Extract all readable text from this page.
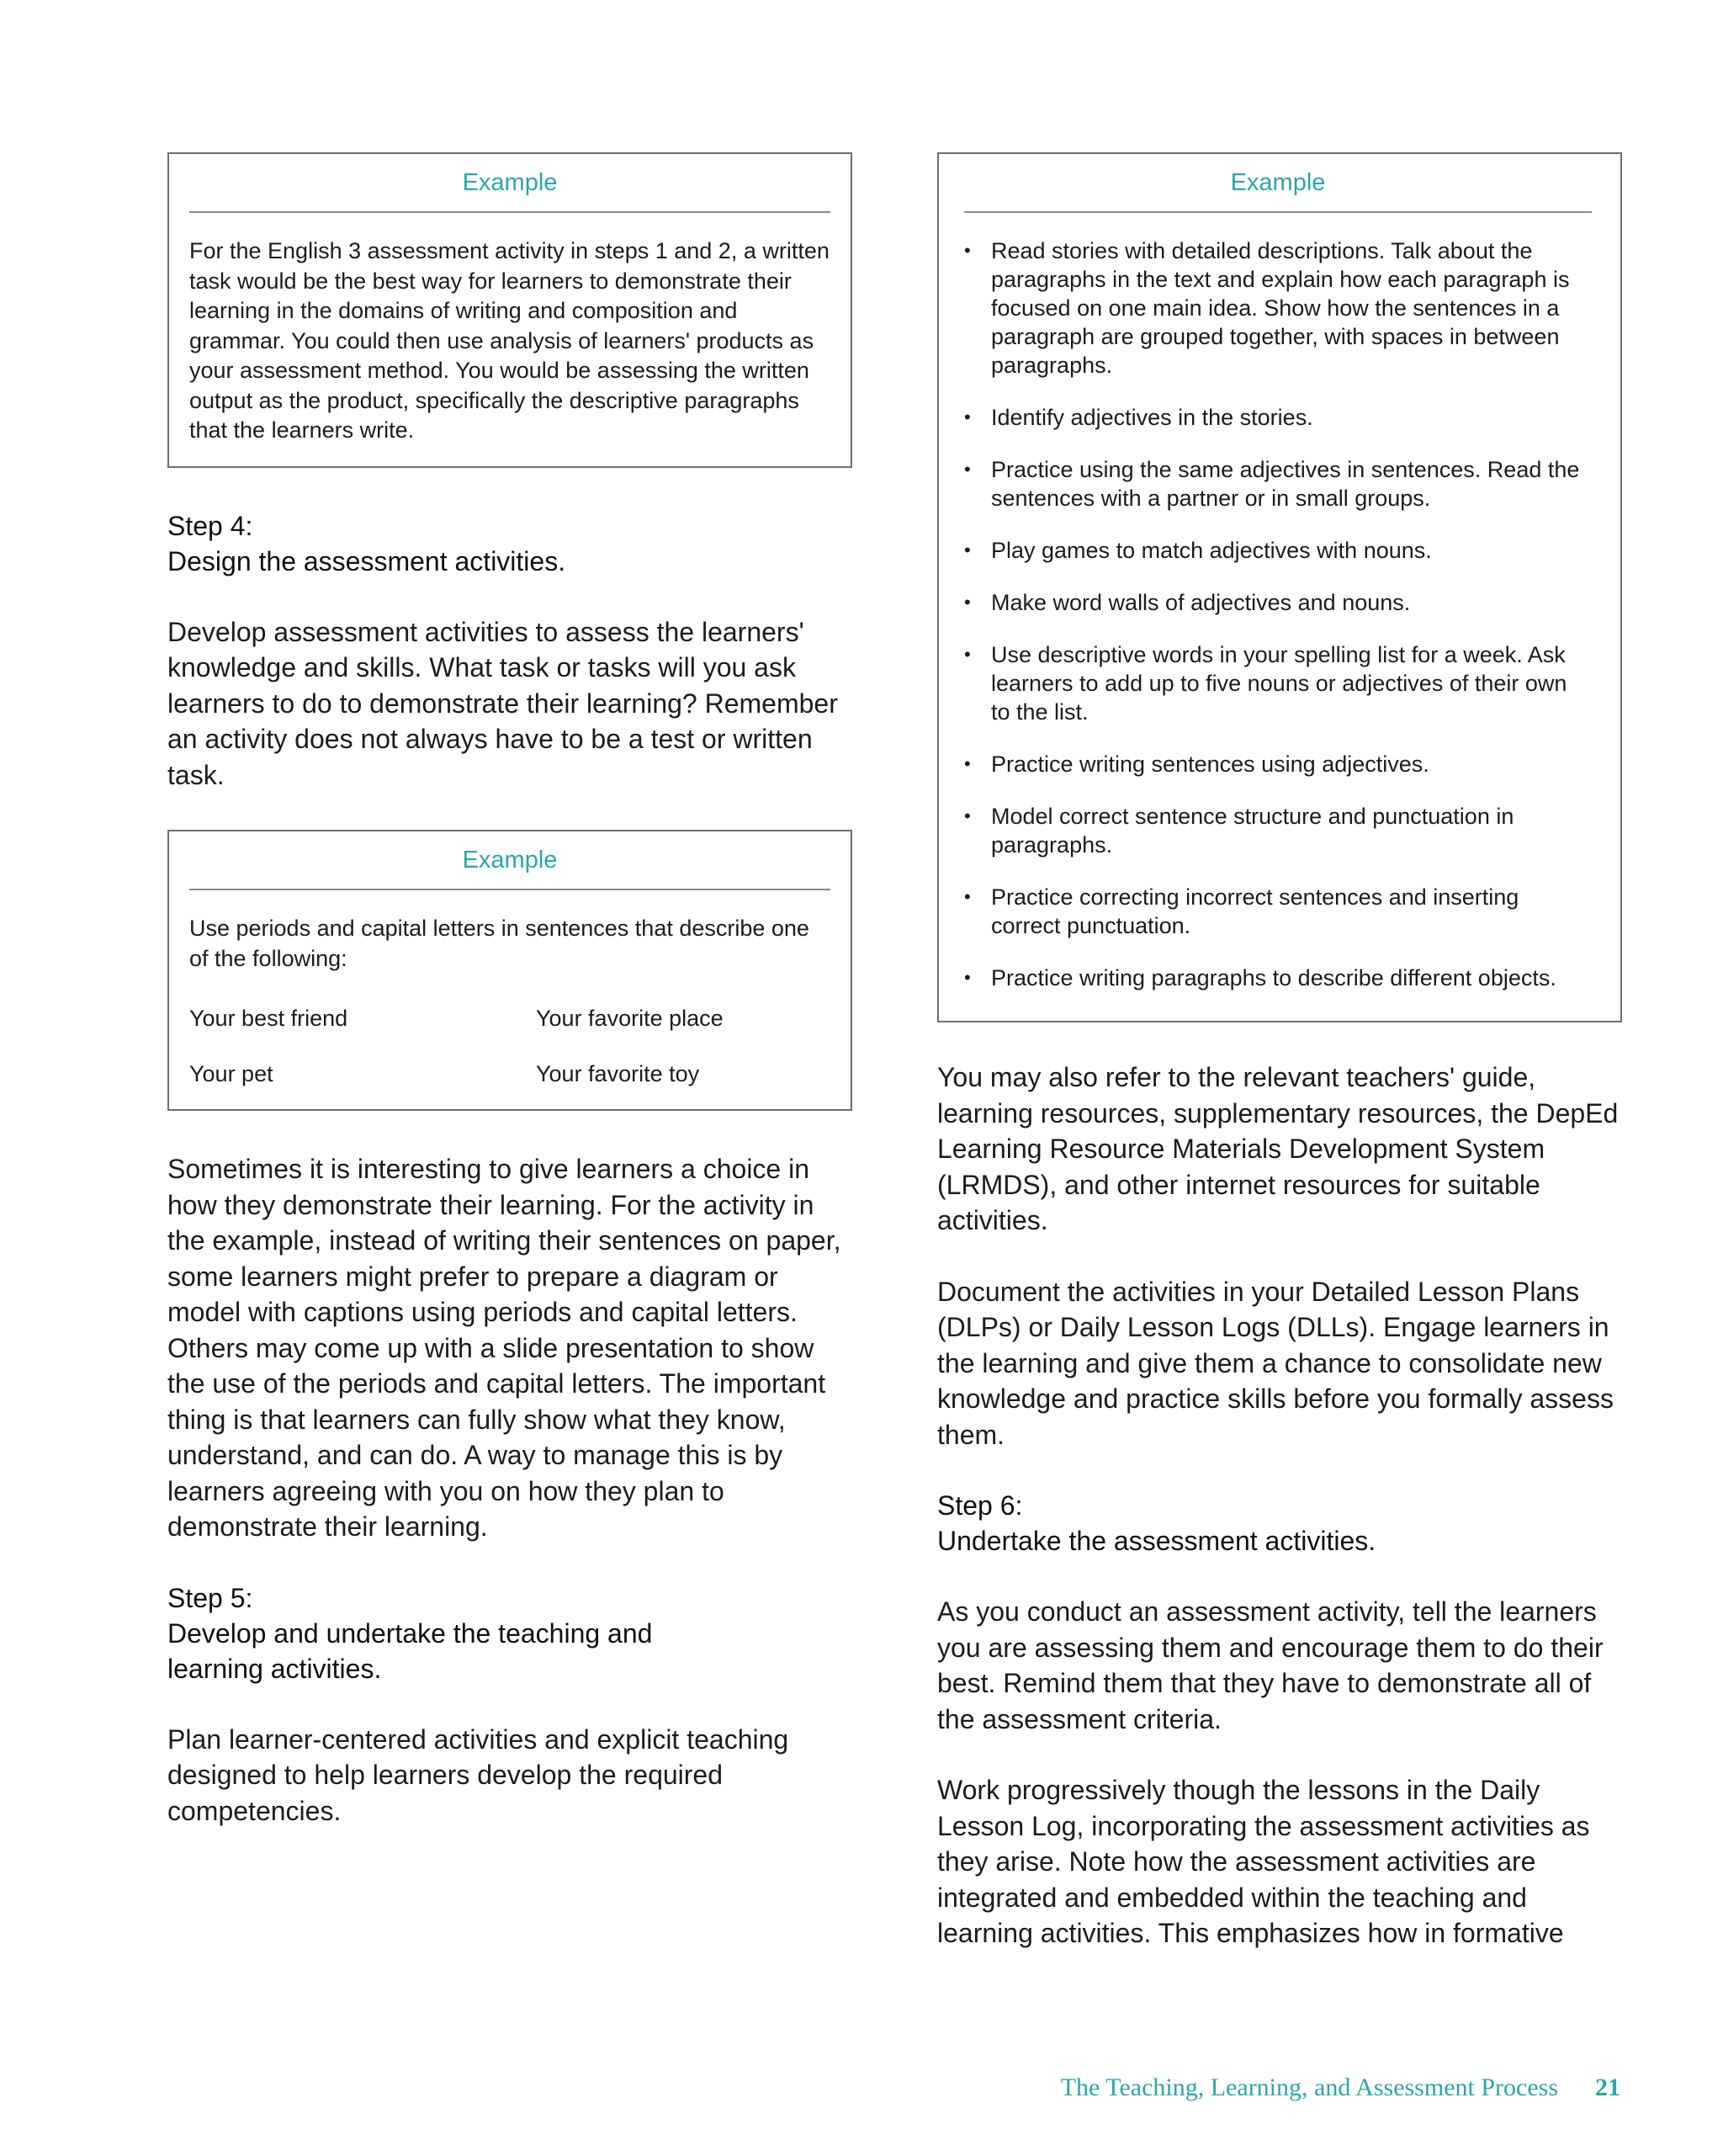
Example

For the English 3 assessment activity in steps 1 and 2, a written task would be the best way for learners to demonstrate their learning in the domains of writing and composition and grammar. You could then use analysis of learners' products as your assessment method. You would be assessing the written output as the product, specifically the descriptive paragraphs that the learners write.

Step 4:
Design the assessment activities.

Develop assessment activities to assess the learners' knowledge and skills. What task or tasks will you ask learners to do to demonstrate their learning? Remember an activity does not always have to be a test or written task.

Example

Use periods and capital letters in sentences that describe one of the following:

Your best friend	Your favorite place
Your pet	Your favorite toy

Sometimes it is interesting to give learners a choice in how they demonstrate their learning. For the activity in the example, instead of writing their sentences on paper, some learners might prefer to prepare a diagram or model with captions using periods and capital letters. Others may come up with a slide presentation to show the use of the periods and capital letters. The important thing is that learners can fully show what they know, understand, and can do. A way to manage this is by learners agreeing with you on how they plan to demonstrate their learning.

Step 5:
Develop and undertake the teaching and learning activities.

Plan learner-centered activities and explicit teaching designed to help learners develop the required competencies.

Example
• Read stories with detailed descriptions. Talk about the paragraphs in the text and explain how each paragraph is focused on one main idea. Show how the sentences in a paragraph are grouped together, with spaces in between paragraphs.
• Identify adjectives in the stories.
• Practice using the same adjectives in sentences. Read the sentences with a partner or in small groups.
• Play games to match adjectives with nouns.
• Make word walls of adjectives and nouns.
• Use descriptive words in your spelling list for a week. Ask learners to add up to five nouns or adjectives of their own to the list.
• Practice writing sentences using adjectives.
• Model correct sentence structure and punctuation in paragraphs.
• Practice correcting incorrect sentences and inserting correct punctuation.
• Practice writing paragraphs to describe different objects.

You may also refer to the relevant teachers' guide, learning resources, supplementary resources, the DepEd Learning Resource Materials Development System (LRMDS), and other internet resources for suitable activities.

Document the activities in your Detailed Lesson Plans (DLPs) or Daily Lesson Logs (DLLs). Engage learners in the learning and give them a chance to consolidate new knowledge and practice skills before you formally assess them.

Step 6:
Undertake the assessment activities.

As you conduct an assessment activity, tell the learners you are assessing them and encourage them to do their best. Remind them that they have to demonstrate all of the assessment criteria.

Work progressively though the lessons in the Daily Lesson Log, incorporating the assessment activities as they arise. Note how the assessment activities are integrated and embedded within the teaching and learning activities. This emphasizes how in formative

The Teaching, Learning, and Assessment Process 21
